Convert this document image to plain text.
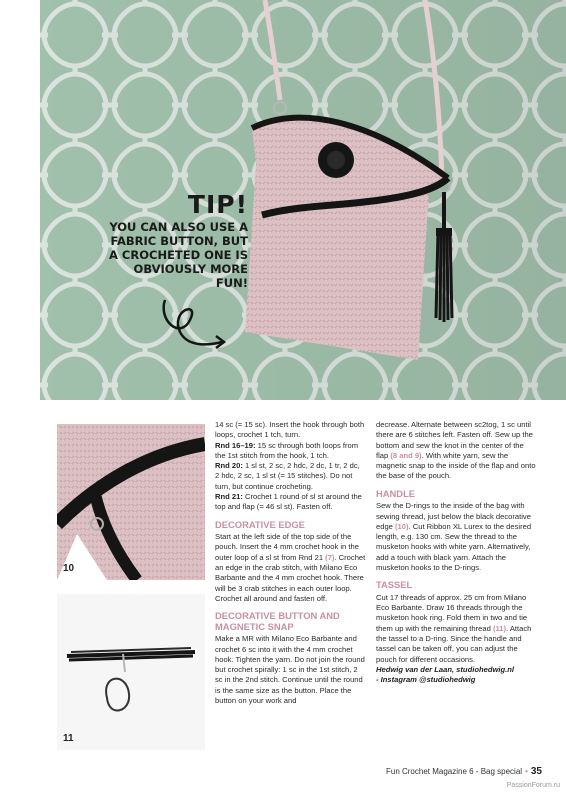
TIP!
YOU CAN ALSO USE A FABRIC BUTTON, BUT A CROCHETED ONE IS OBVIOUSLY MORE FUN!
10
11

14 sc (= 15 sc). Insert the hook through both loops, crochet 1 tch, turn.

Rnd 16–19: 15 sc through both loops from the 1st stitch from the hook, 1 tch.

Rnd 20: 1 sl st, 2 sc, 2 hdc, 2 dc, 1 tr, 2 dc, 2 hdc, 2 sc, 1 sl st (= 15 stitches). Do not turn, but continue crocheting.

Rnd 21: Crochet 1 round of sl st around the top and flap (= 46 sl st). Fasten off.

DECORATIVE EDGE

Start at the left side of the top side of the pouch. Insert the 4 mm crochet hook in the outer loop of a sl st from Rnd 21 (7). Crochet an edge in the crab stitch, with Milano Eco Barbante and the 4 mm crochet hook. There will be 3 crab stitches in each outer loop. Crochet all around and fasten off.

DECORATIVE BUTTON AND MAGNETIC SNAP

Make a MR with Milano Eco Barbante and crochet 6 sc into it with the 4 mm crochet hook. Tighten the yarn. Do not join the round but crochet spirally: 1 sc in the 1st stitch, 2 sc in the 2nd stitch. Continue until the round is the same size as the button. Place the button on your work and

decrease. Alternate between sc2tog, 1 sc until there are 6 stitches left. Fasten off. Sew up the bottom and sew the knot in the center of the flap (8 and 9). With white yarn, sew the magnetic snap to the inside of the flap and onto the base of the pouch.

HANDLE

Sew the D-rings to the inside of the bag with sewing thread, just below the black decorative edge (10). Cut Ribbon XL Lurex to the desired length, e.g. 130 cm. Sew the thread to the musketon hooks with white yarn. Alternatively, add a touch with black yarn. Attach the musketon hooks to the D-rings.

TASSEL

Cut 17 threads of approx. 25 cm from Milano Eco Barbante. Draw 16 threads through the musketon hook ring. Fold them in two and tie them up with the remaining thread (11). Attach the tassel to a D-ring. Since the handle and tassel can be taken off, you can adjust the pouch for different occasions.

Hedwig van der Laan, studiohedwig.nl

- Instagram @studiohedwig

Fun Crochet Magazine 6 - Bag special • 35
PassionForum.ru
